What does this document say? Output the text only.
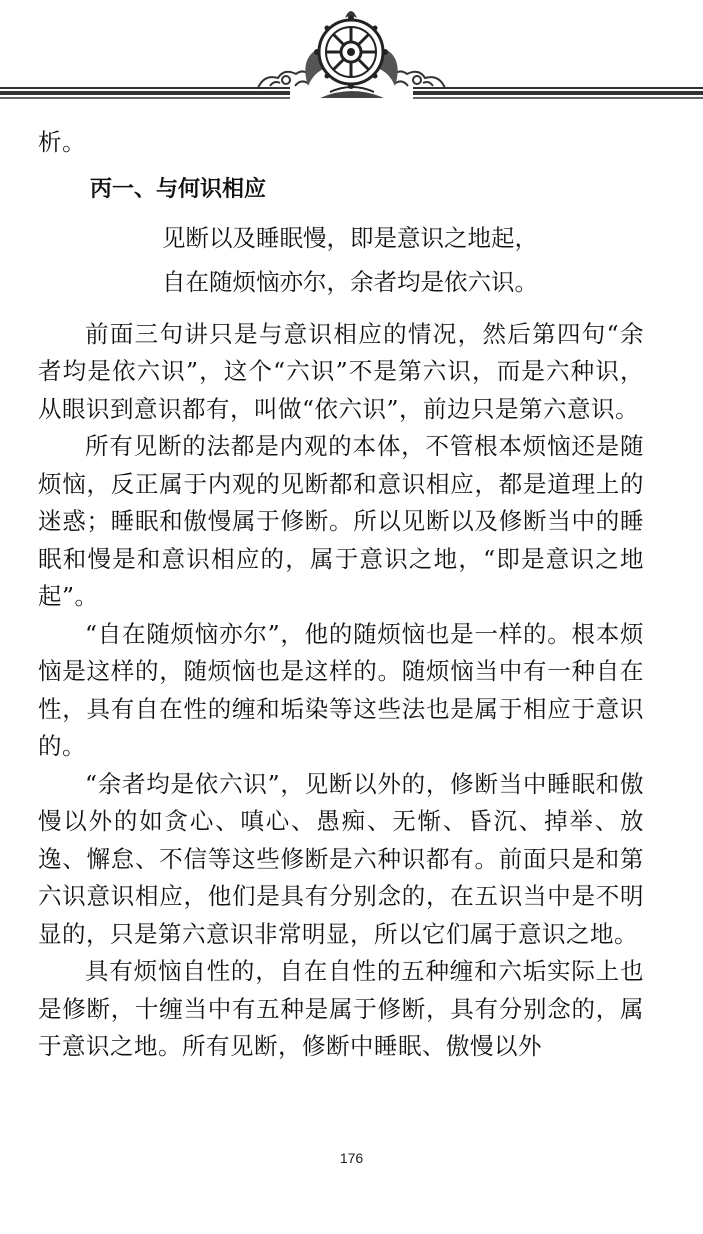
析。

丙一、与何识相应
见断以及睡眠慢，即是意识之地起，
自在随烦恼亦尔，余者均是依六识。

前面三句讲只是与意识相应的情况，然后第四句“余者均是依六识”，这个“六识”不是第六识，而是六种识，从眼识到意识都有，叫做“依六识”，前边只是第六意识。

所有见断的法都是内观的本体，不管根本烦恼还是随烦恼，反正属于内观的见断都和意识相应，都是道理上的迷惑；睡眠和傲慢属于修断。所以见断以及修断当中的睡眠和慢是和意识相应的，属于意识之地，“即是意识之地起”。

“自在随烦恼亦尔”，他的随烦恼也是一样的。根本烦恼是这样的，随烦恼也是这样的。随烦恼当中有一种自在性，具有自在性的缠和垢染等这些法也是属于相应于意识的。

“余者均是依六识”，见断以外的，修断当中睡眠和傲慢以外的如贪心、嗔心、愚痴、无惭、昏沉、掉举、放逸、懈怠、不信等这些修断是六种识都有。前面只是和第六识意识相应，他们是具有分别念的，在五识当中是不明显的，只是第六意识非常明显，所以它们属于意识之地。

具有烦恼自性的，自在自性的五种缠和六垢实际上也是修断，十缠当中有五种是属于修断，具有分别念的，属于意识之地。所有见断，修断中睡眠、傲慢以外

176
